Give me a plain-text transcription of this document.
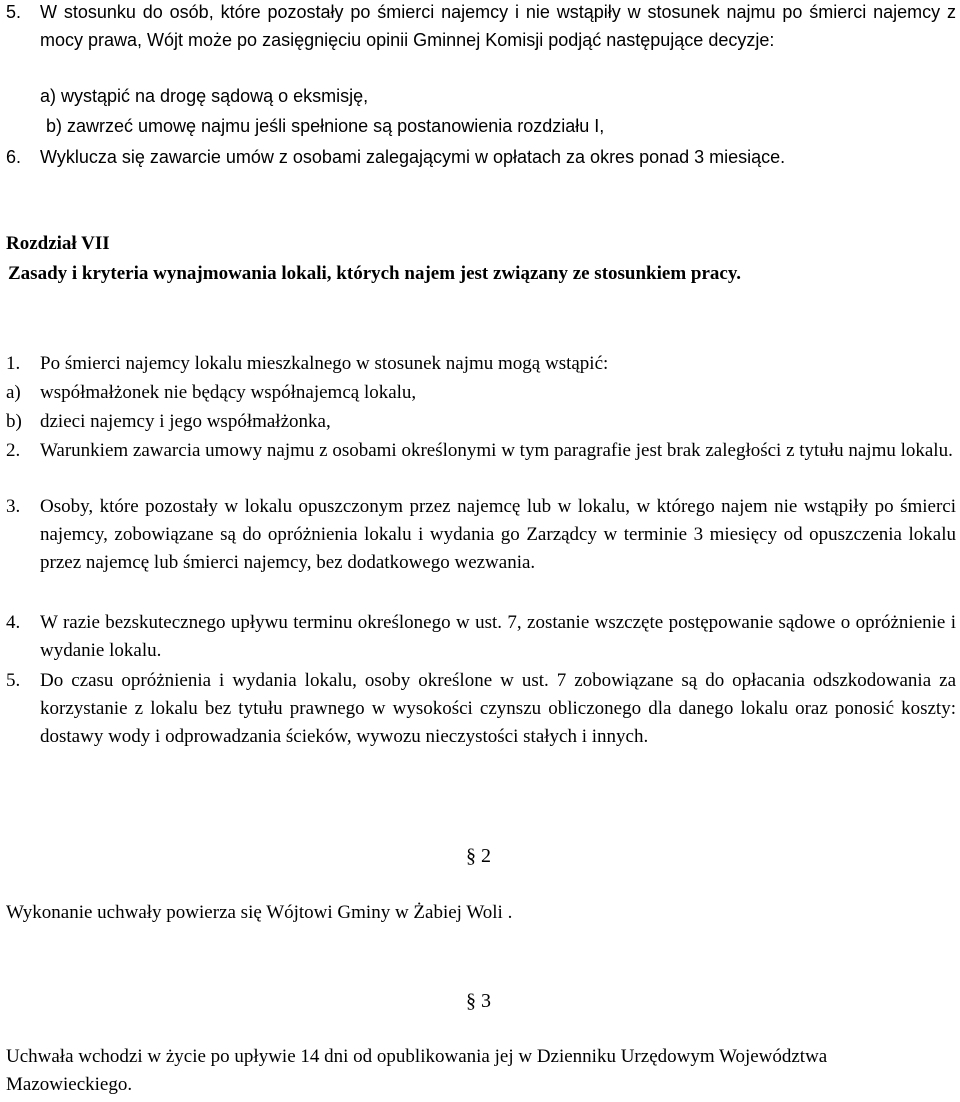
5. W stosunku do osób, które pozostały po śmierci najemcy i nie wstąpiły w stosunek najmu po śmierci najemcy z mocy prawa, Wójt może po zasięgnięciu opinii Gminnej Komisji podjąć następujące decyzje:
a) wystąpić na drogę sądową o eksmisję,
b) zawrzeć umowę najmu jeśli spełnione są postanowienia rozdziału I,
6. Wyklucza się zawarcie umów z osobami zalegającymi w opłatach za okres ponad 3 miesiące.
Rozdział VII
Zasady i kryteria wynajmowania lokali, których najem jest związany ze stosunkiem pracy.
1. Po śmierci najemcy lokalu mieszkalnego w stosunek najmu mogą wstąpić:
a) współmałżonek nie będący współnajemcą lokalu,
b) dzieci najemcy i jego współmałżonka,
2. Warunkiem zawarcia umowy najmu z osobami określonymi w tym paragrafie jest brak zaległości z tytułu najmu lokalu.
3. Osoby, które pozostały w lokalu opuszczonym przez najemcę lub w lokalu, w którego najem nie wstąpiły po śmierci najemcy, zobowiązane są do opróżnienia lokalu i wydania go Zarządcy w terminie 3 miesięcy od opuszczenia lokalu przez najemcę lub śmierci najemcy, bez dodatkowego wezwania.
4. W razie bezskutecznego upływu terminu określonego w ust. 7, zostanie wszczęte postępowanie sądowe o opróżnienie i wydanie lokalu.
5. Do czasu opróżnienia i wydania lokalu, osoby określone w ust. 7 zobowiązane są do opłacania odszkodowania za korzystanie z lokalu bez tytułu prawnego w wysokości czynszu obliczonego dla danego lokalu oraz ponosić koszty: dostawy wody i odprowadzania ścieków, wywozu nieczystości stałych i innych.
§ 2
Wykonanie uchwały powierza się Wójtowi Gminy w Żabiej Woli .
§ 3
Uchwała wchodzi w życie po upływie 14 dni od opublikowania jej w Dzienniku Urzędowym Województwa Mazowieckiego.
